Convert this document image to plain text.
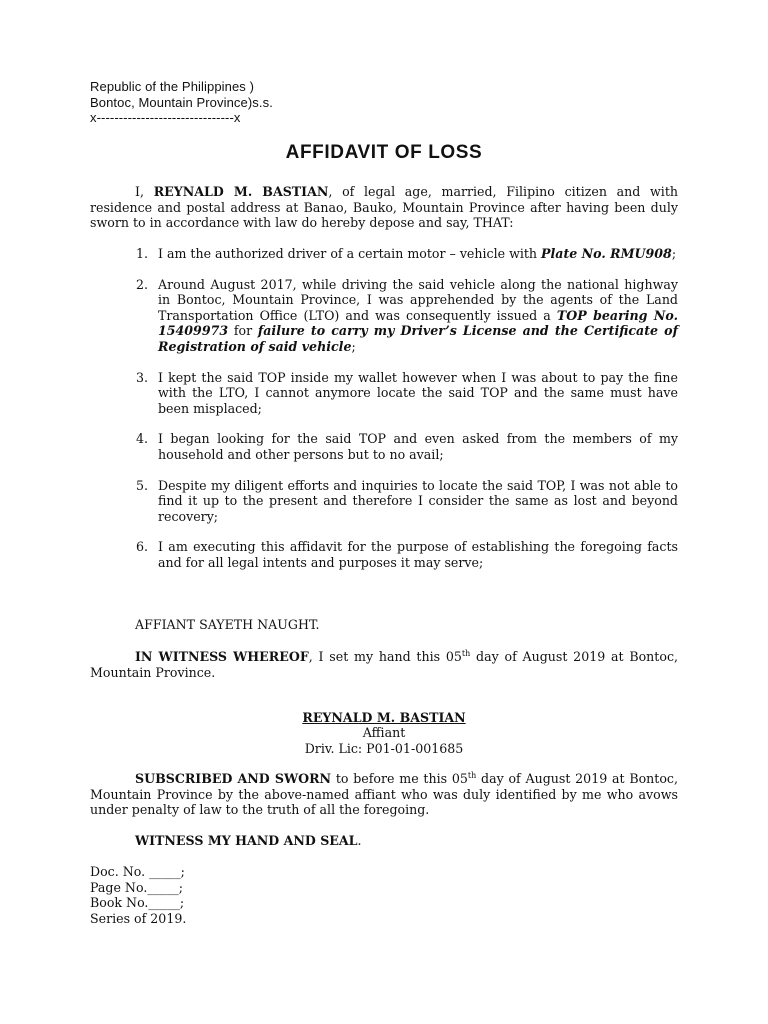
Republic of the Philippines )
Bontoc, Mountain Province)s.s.
x-------------------------------x
AFFIDAVIT OF LOSS
I, REYNALD M. BASTIAN, of legal age, married, Filipino citizen and with residence and postal address at Banao, Bauko, Mountain Province after having been duly sworn to in accordance with law do hereby depose and say, THAT:
1. I am the authorized driver of a certain motor – vehicle with Plate No. RMU908;
2. Around August 2017, while driving the said vehicle along the national highway in Bontoc, Mountain Province, I was apprehended by the agents of the Land Transportation Office (LTO) and was consequently issued a TOP bearing No. 15409973 for failure to carry my Driver’s License and the Certificate of Registration of said vehicle;
3. I kept the said TOP inside my wallet however when I was about to pay the fine with the LTO, I cannot anymore locate the said TOP and the same must have been misplaced;
4. I began looking for the said TOP and even asked from the members of my household and other persons but to no avail;
5. Despite my diligent efforts and inquiries to locate the said TOP, I was not able to find it up to the present and therefore I consider the same as lost and beyond recovery;
6. I am executing this affidavit for the purpose of establishing the foregoing facts and for all legal intents and purposes it may serve;
AFFIANT SAYETH NAUGHT.
IN WITNESS WHEREOF, I set my hand this 05th day of August 2019 at Bontoc, Mountain Province.
REYNALD M. BASTIAN
Affiant
Driv. Lic: P01-01-001685
SUBSCRIBED AND SWORN to before me this 05th day of August 2019 at Bontoc, Mountain Province by the above-named affiant who was duly identified by me who avows under penalty of law to the truth of all the foregoing.
WITNESS MY HAND AND SEAL.
Doc. No. _____;
Page No._____;
Book No._____;
Series of 2019.
